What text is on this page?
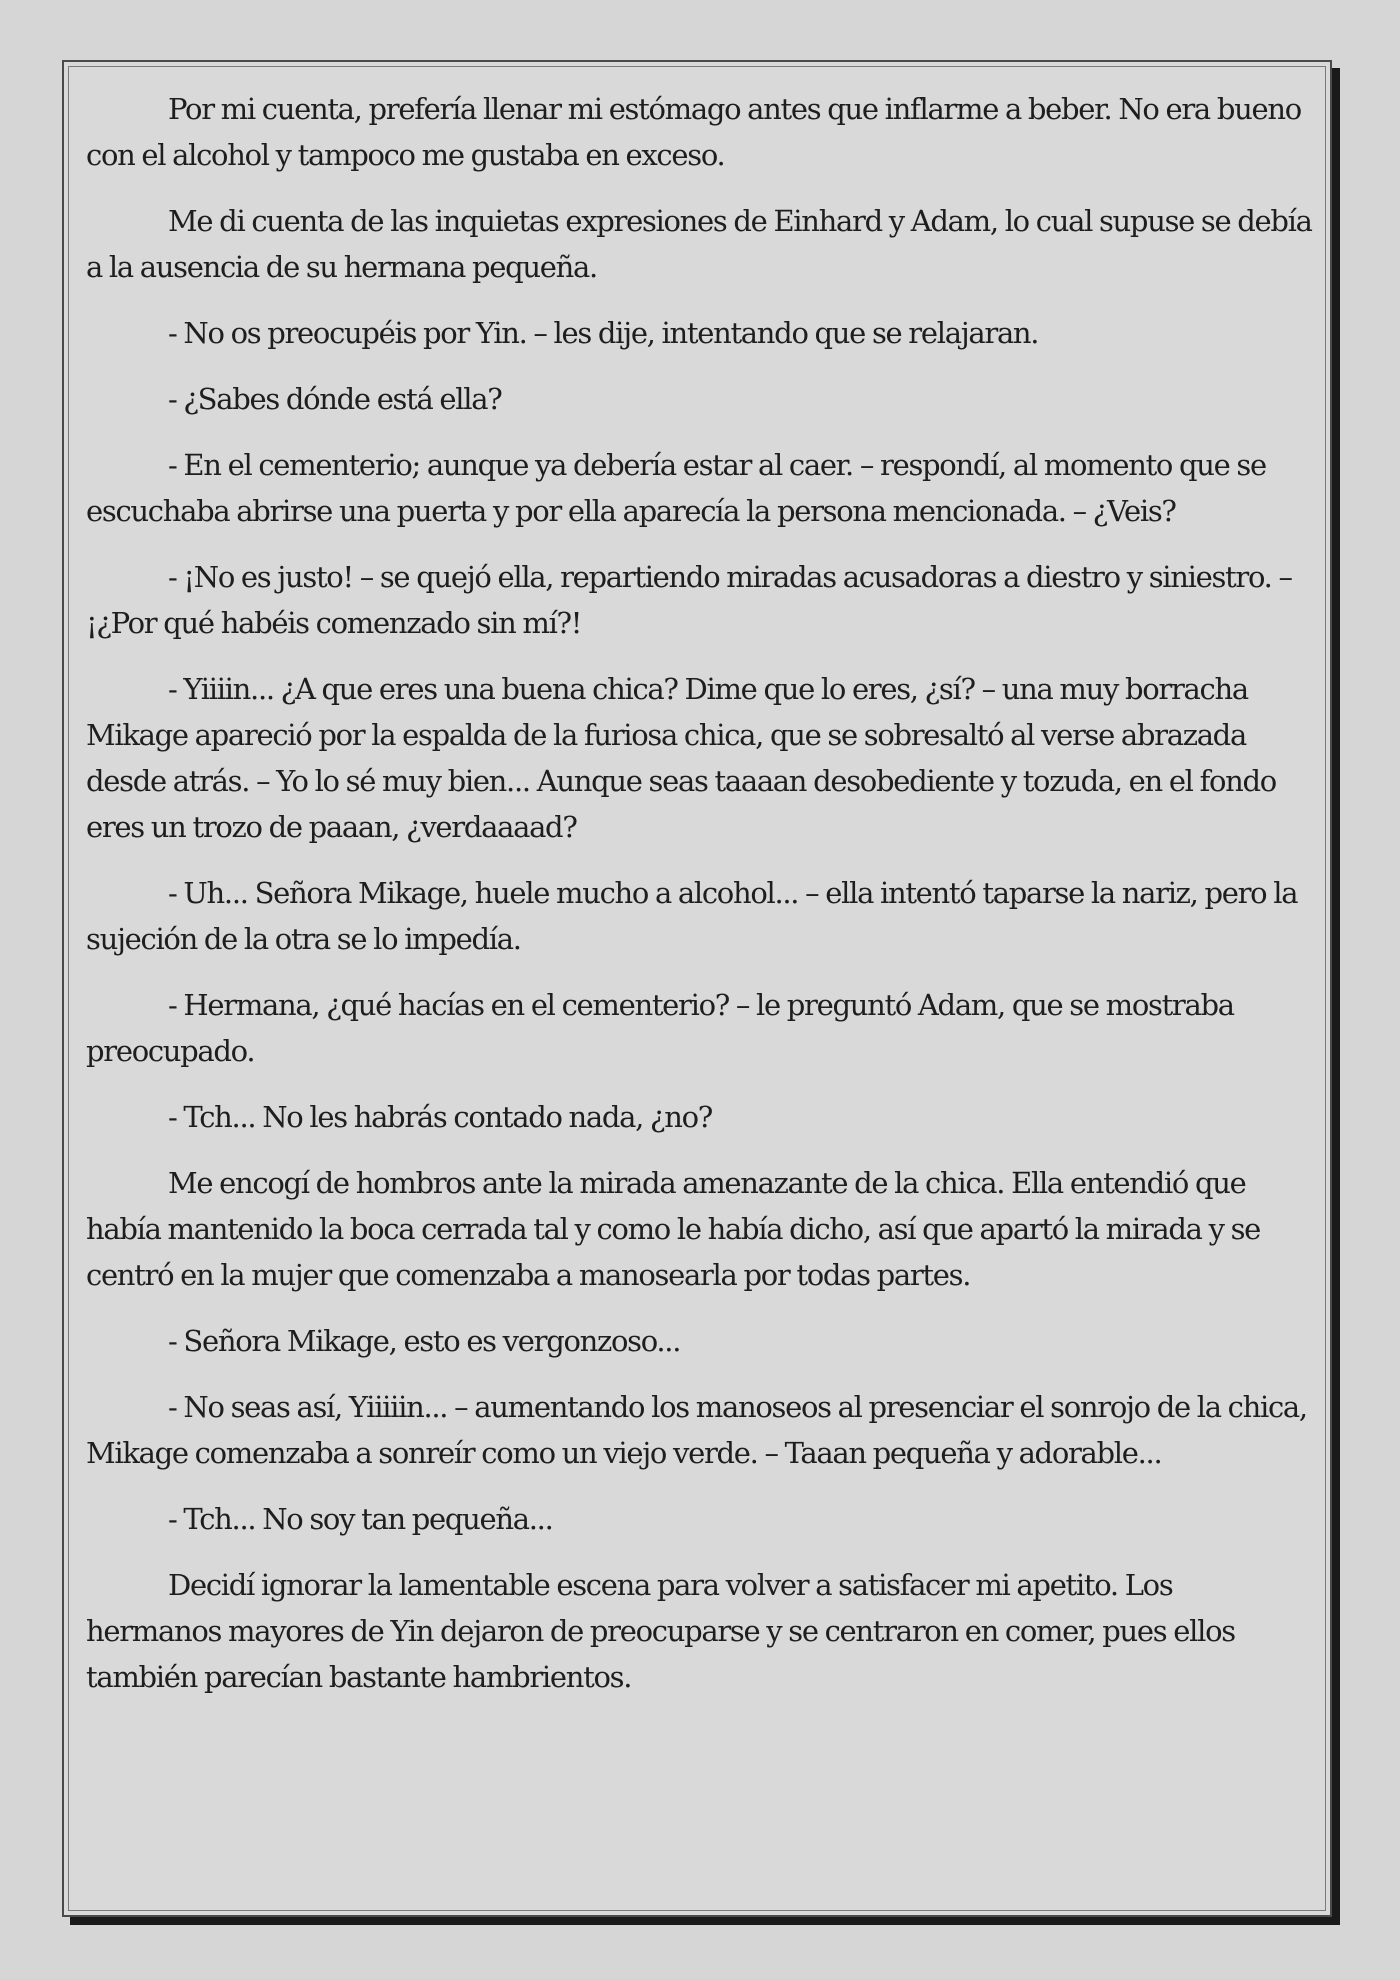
Por mi cuenta, prefería llenar mi estómago antes que inflarme a beber. No era bueno con el alcohol y tampoco me gustaba en exceso.

Me di cuenta de las inquietas expresiones de Einhard y Adam, lo cual supuse se debía a la ausencia de su hermana pequeña.

- No os preocupéis por Yin. – les dije, intentando que se relajaran.

- ¿Sabes dónde está ella?

- En el cementerio; aunque ya debería estar al caer. – respondí, al momento que se escuchaba abrirse una puerta y por ella aparecía la persona mencionada. – ¿Veis?

- ¡No es justo! – se quejó ella, repartiendo miradas acusadoras a diestro y siniestro. – ¡¿Por qué habéis comenzado sin mí?!

- Yiiiin... ¿A que eres una buena chica? Dime que lo eres, ¿sí? – una muy borracha Mikage apareció por la espalda de la furiosa chica, que se sobresaltó al verse abrazada desde atrás. – Yo lo sé muy bien... Aunque seas taaaan desobediente y tozuda, en el fondo eres un trozo de paaan, ¿verdaaaad?

- Uh... Señora Mikage, huele mucho a alcohol... – ella intentó taparse la nariz, pero la sujeción de la otra se lo impedía.

- Hermana, ¿qué hacías en el cementerio? – le preguntó Adam, que se mostraba preocupado.

- Tch... No les habrás contado nada, ¿no?

Me encogí de hombros ante la mirada amenazante de la chica. Ella entendió que había mantenido la boca cerrada tal y como le había dicho, así que apartó la mirada y se centró en la mujer que comenzaba a manosearla por todas partes.

- Señora Mikage, esto es vergonzoso...

- No seas así, Yiiiiin... – aumentando los manoseos al presenciar el sonrojo de la chica, Mikage comenzaba a sonreír como un viejo verde. – Taaan pequeña y adorable...

- Tch... No soy tan pequeña...

Decidí ignorar la lamentable escena para volver a satisfacer mi apetito. Los hermanos mayores de Yin dejaron de preocuparse y se centraron en comer, pues ellos también parecían bastante hambrientos.
